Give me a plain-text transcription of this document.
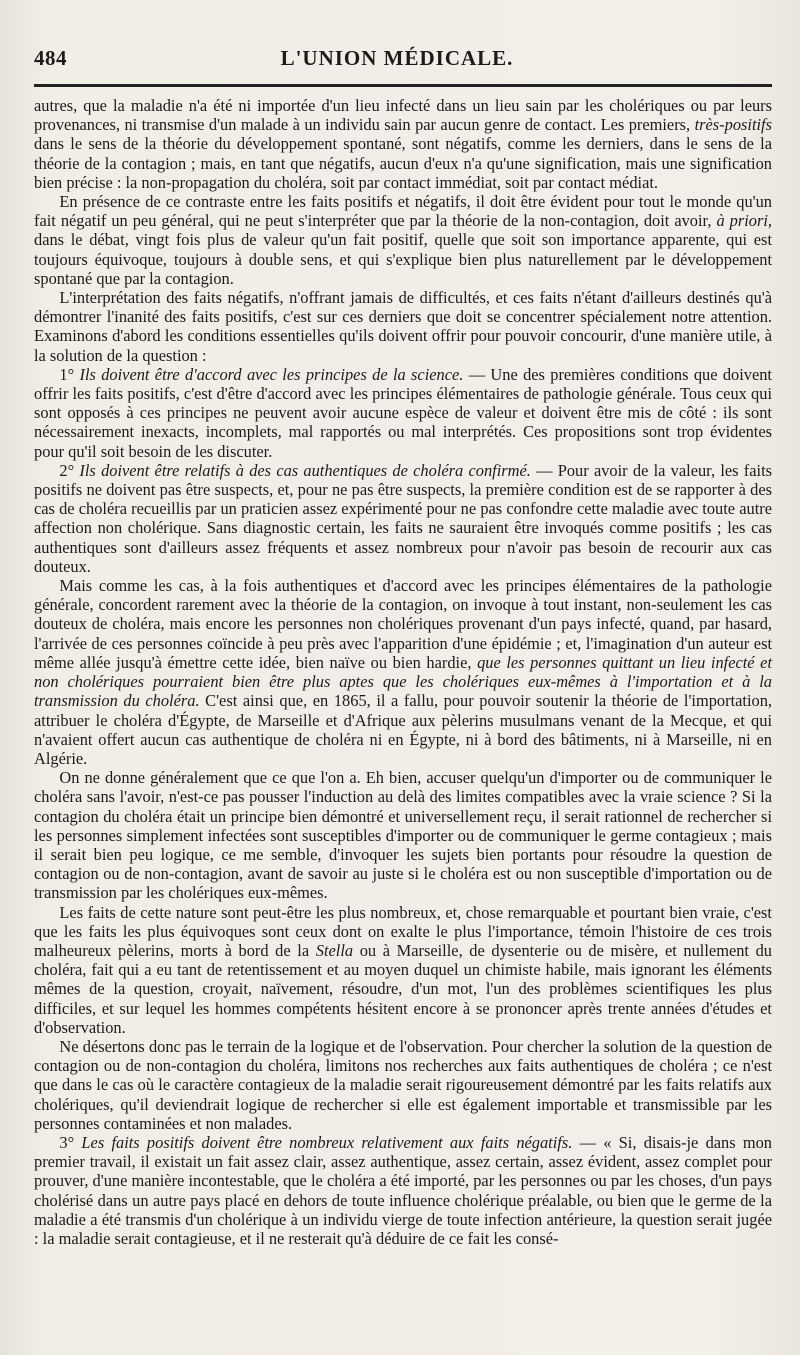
484	L'UNION MÉDICALE.

autres, que la maladie n'a été ni importée d'un lieu infecté dans un lieu sain par les cholériques ou par leurs provenances, ni transmise d'un malade à un individu sain par aucun genre de contact. Les premiers, très-positifs dans le sens de la théorie du développement spontané, sont négatifs, comme les derniers, dans le sens de la théorie de la contagion ; mais, en tant que négatifs, aucun d'eux n'a qu'une signification, mais une signification bien précise : la non-propagation du choléra, soit par contact immédiat, soit par contact médiat.

En présence de ce contraste entre les faits positifs et négatifs, il doit être évident pour tout le monde qu'un fait négatif un peu général, qui ne peut s'interpréter que par la théorie de la non-contagion, doit avoir, à priori, dans le débat, vingt fois plus de valeur qu'un fait positif, quelle que soit son importance apparente, qui est toujours équivoque, toujours à double sens, et qui s'explique bien plus naturellement par le développement spontané que par la contagion.

L'interprétation des faits négatifs, n'offrant jamais de difficultés, et ces faits n'étant d'ailleurs destinés qu'à démontrer l'inanité des faits positifs, c'est sur ces derniers que doit se concentrer spécialement notre attention. Examinons d'abord les conditions essentielles qu'ils doivent offrir pour pouvoir concourir, d'une manière utile, à la solution de la question :

1° Ils doivent être d'accord avec les principes de la science. — Une des premières conditions que doivent offrir les faits positifs, c'est d'être d'accord avec les principes élémentaires de pathologie générale. Tous ceux qui sont opposés à ces principes ne peuvent avoir aucune espèce de valeur et doivent être mis de côté : ils sont nécessairement inexacts, incomplets, mal rapportés ou mal interprétés. Ces propositions sont trop évidentes pour qu'il soit besoin de les discuter.

2° Ils doivent être relatifs à des cas authentiques de choléra confirmé. — Pour avoir de la valeur, les faits positifs ne doivent pas être suspects, et, pour ne pas être suspects, la première condition est de se rapporter à des cas de choléra recueillis par un praticien assez expérimenté pour ne pas confondre cette maladie avec toute autre affection non cholérique. Sans diagnostic certain, les faits ne sauraient être invoqués comme positifs ; les cas authentiques sont d'ailleurs assez fréquents et assez nombreux pour n'avoir pas besoin de recourir aux cas douteux.

Mais comme les cas, à la fois authentiques et d'accord avec les principes élémentaires de la pathologie générale, concordent rarement avec la théorie de la contagion, on invoque à tout instant, non-seulement les cas douteux de choléra, mais encore les personnes non cholériques provenant d'un pays infecté, quand, par hasard, l'arrivée de ces personnes coïncide à peu près avec l'apparition d'une épidémie ; et, l'imagination d'un auteur est même allée jusqu'à émettre cette idée, bien naïve ou bien hardie, que les personnes quittant un lieu infecté et non cholériques pourraient bien être plus aptes que les cholériques eux-mêmes à l'importation et à la transmission du choléra. C'est ainsi que, en 1865, il a fallu, pour pouvoir soutenir la théorie de l'importation, attribuer le choléra d'Égypte, de Marseille et d'Afrique aux pèlerins musulmans venant de la Mecque, et qui n'avaient offert aucun cas authentique de choléra ni en Égypte, ni à bord des bâtiments, ni à Marseille, ni en Algérie.

On ne donne généralement que ce que l'on a. Eh bien, accuser quelqu'un d'importer ou de communiquer le choléra sans l'avoir, n'est-ce pas pousser l'induction au delà des limites compatibles avec la vraie science ? Si la contagion du choléra était un principe bien démontré et universellement reçu, il serait rationnel de rechercher si les personnes simplement infectées sont susceptibles d'importer ou de communiquer le germe contagieux ; mais il serait bien peu logique, ce me semble, d'invoquer les sujets bien portants pour résoudre la question de contagion ou de non-contagion, avant de savoir au juste si le choléra est ou non susceptible d'importation ou de transmission par les cholériques eux-mêmes.

Les faits de cette nature sont peut-être les plus nombreux, et, chose remarquable et pourtant bien vraie, c'est que les faits les plus équivoques sont ceux dont on exalte le plus l'importance, témoin l'histoire de ces trois malheureux pèlerins, morts à bord de la Stella ou à Marseille, de dysenterie ou de misère, et nullement du choléra, fait qui a eu tant de retentissement et au moyen duquel un chimiste habile, mais ignorant les éléments mêmes de la question, croyait, naïvement, résoudre, d'un mot, l'un des problèmes scientifiques les plus difficiles, et sur lequel les hommes compétents hésitent encore à se prononcer après trente années d'études et d'observation.

Ne désertons donc pas le terrain de la logique et de l'observation. Pour chercher la solution de la question de contagion ou de non-contagion du choléra, limitons nos recherches aux faits authentiques de choléra ; ce n'est que dans le cas où le caractère contagieux de la maladie serait rigoureusement démontré par les faits relatifs aux cholériques, qu'il deviendrait logique de rechercher si elle est également importable et transmissible par les personnes contaminées et non malades.

3° Les faits positifs doivent être nombreux relativement aux faits négatifs. — « Si, disais-je dans mon premier travail, il existait un fait assez clair, assez authentique, assez certain, assez évident, assez complet pour prouver, d'une manière incontestable, que le choléra a été importé, par les personnes ou par les choses, d'un pays cholérisé dans un autre pays placé en dehors de toute influence cholérique préalable, ou bien que le germe de la maladie a été transmis d'un cholérique à un individu vierge de toute infection antérieure, la question serait jugée : la maladie serait contagieuse, et il ne resterait qu'à déduire de ce fait les consé-
